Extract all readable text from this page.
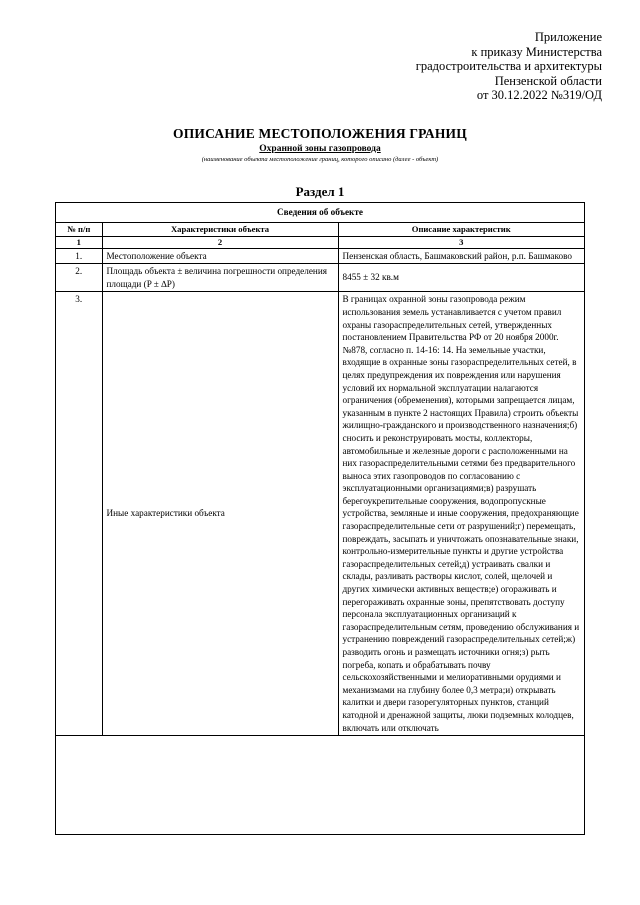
Приложение
к приказу Министерства
градостроительства и архитектуры
Пензенской области
от 30.12.2022 №319/ОД
ОПИСАНИЕ МЕСТОПОЛОЖЕНИЯ ГРАНИЦ
Охранной зоны газопровода
(наименование объекта местоположение границ, которого описано (далее - объект)
Раздел 1
Сведения об объекте		
№ п/п	Характеристики объекта	Описание характеристик
1	2	3
1.	Местоположение объекта	Пензенская область, Башмаковский район, р.п. Башмаково
2.	Площадь объекта ± величина погрешности определения площади (P ± ∆P)	8455 ± 32 кв.м
3.	Иные характеристики объекта	В границах охранной зоны газопровода режим использования земель устанавливается с учетом правил охраны газораспределительных сетей, утвержденных постановлением Правительства РФ от 20 ноября 2000г. №878, согласно п. 14-16: 14. На земельные участки, входящие в охранные зоны газораспределительных сетей, в целях предупреждения их повреждения или нарушения условий их нормальной эксплуатации налагаются ограничения (обременения), которыми запрещается лицам, указанным в пункте 2 настоящих Правила) строить объекты жилищно-гражданского и производственного назначения;б) сносить и реконструировать мосты, коллекторы, автомобильные и железные дороги с расположенными на них газораспределительными сетями без предварительного выноса этих газопроводов по согласованию с эксплуатационными организациями;в) разрушать берегоукрепительные сооружения, водопропускные устройства, земляные и иные сооружения, предохраняющие газораспределительные сети от разрушений;г) перемещать, повреждать, засыпать и уничтожать опознавательные знаки, контрольно-измерительные пункты и другие устройства газораспределительных сетей;д) устраивать свалки и склады, разливать растворы кислот, солей, щелочей и других химически активных веществ;е) огораживать и перегораживать охранные зоны, препятствовать доступу персонала эксплуатационных организаций к газораспределительным сетям, проведению обслуживания и устранению повреждений газораспределительных сетей;ж) разводить огонь и размещать источники огня;з) рыть погреба, копать и обрабатывать почву сельскохозяйственными и мелиоративными орудиями и механизмами на глубину более 0,3 метра;и) открывать калитки и двери газорегуляторных пунктов, станций катодной и дренажной защиты, люки подземных колодцев, включать или отключать
